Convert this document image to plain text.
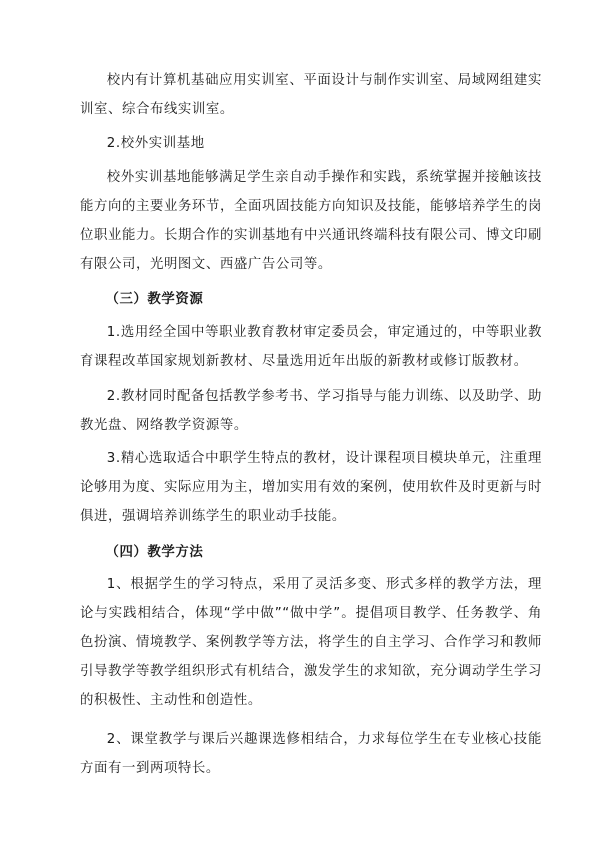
校内有计算机基础应用实训室、平面设计与制作实训室、局域网组建实训室、综合布线实训室。

2.校外实训基地

校外实训基地能够满足学生亲自动手操作和实践，系统掌握并接触该技能方向的主要业务环节，全面巩固技能方向知识及技能，能够培养学生的岗位职业能力。长期合作的实训基地有中兴通讯终端科技有限公司、博文印刷有限公司，光明图文、西盛广告公司等。

（三）教学资源

1.选用经全国中等职业教育教材审定委员会，审定通过的，中等职业教育课程改革国家规划新教材、尽量选用近年出版的新教材或修订版教材。

2.教材同时配备包括教学参考书、学习指导与能力训练、以及助学、助教光盘、网络教学资源等。

3.精心选取适合中职学生特点的教材，设计课程项目模块单元，注重理论够用为度、实际应用为主，增加实用有效的案例，使用软件及时更新与时俱进，强调培养训练学生的职业动手技能。

（四）教学方法

1、根据学生的学习特点，采用了灵活多变、形式多样的教学方法，理论与实践相结合，体现“学中做”“做中学”。提倡项目教学、任务教学、角色扮演、情境教学、案例教学等方法，将学生的自主学习、合作学习和教师引导教学等教学组织形式有机结合，激发学生的求知欲，充分调动学生学习的积极性、主动性和创造性。

2、课堂教学与课后兴趣课选修相结合，力求每位学生在专业核心技能方面有一到两项特长。
